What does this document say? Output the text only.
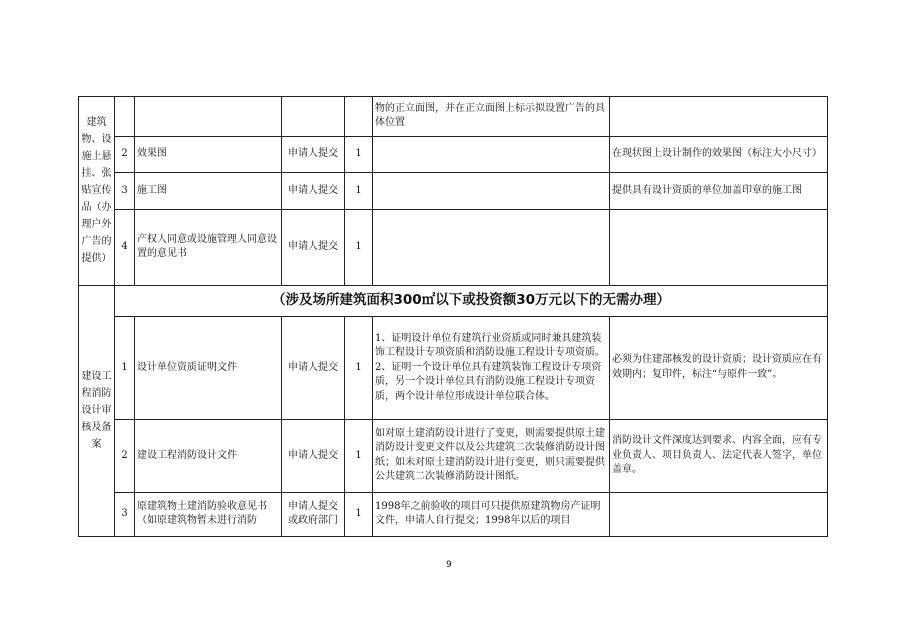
建筑物、设施上悬挂、张贴宣传品（办理户外广告的提供）					物的正立面图，并在正立面图上标示拟设置广告的具体位置	
	2	效果图	申请人提交	1		在现状图上设计制作的效果图（标注大小尺寸）
	3	施工图	申请人提交	1		提供具有设计资质的单位加盖印章的施工图
	4	产权人同意或设施管理人同意设置的意见书	申请人提交	1		
建设工程消防设计审核及备案	（涉及场所建筑面积300㎡以下或投资额30万元以下的无需办理）					
	1	设计单位资质证明文件	申请人提交	1	1、证明设计单位有建筑行业资质或同时兼具建筑装饰工程设计专项资质和消防设施工程设计专项资质。2、证明一个设计单位具有建筑装饰工程设计专项资质，另一个设计单位具有消防设施工程设计专项资质，两个设计单位形成设计单位联合体。	必须为住建部核发的设计资质；设计资质应在有效期内；复印件，标注“与原件一致”。
	2	建设工程消防设计文件	申请人提交	1	如对原土建消防设计进行了变更，则需要提供原土建消防设计变更文件以及公共建筑二次装修消防设计图纸；如未对原土建消防设计进行变更，则只需要提供公共建筑二次装修消防设计图纸。	消防设计文件深度达到要求、内容全面，应有专业负责人、项目负责人、法定代表人签字，单位盖章。
	3	原建筑物土建消防验收意见书（如原建筑物暂未进行消防	申请人提交或政府部门	1	1998年之前验收的项目可只提供原建筑物房产证明文件，申请人自行提交；1998年以后的项目	
9
